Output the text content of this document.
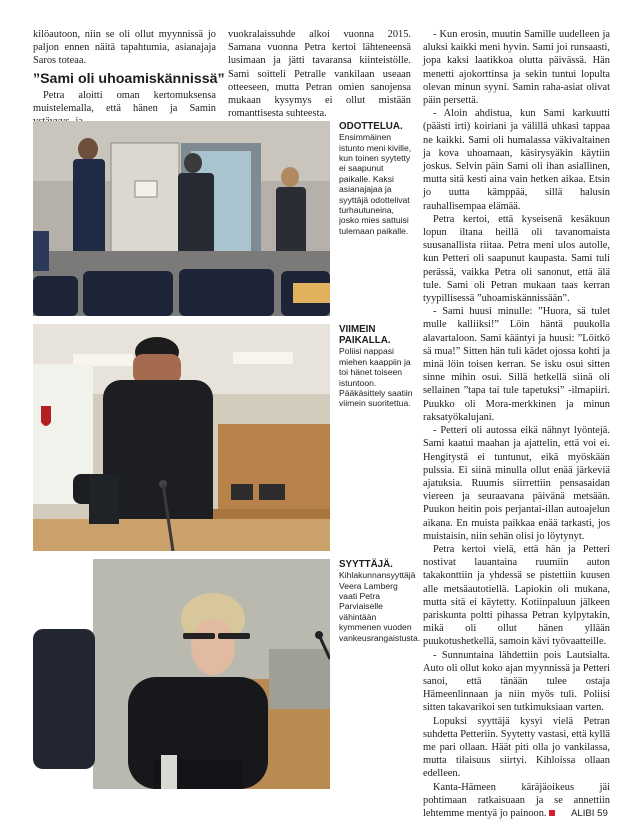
kilöautoon, niin se oli ollut myynnissä jo paljon ennen näitä tapahtumia, asianajaja Saros toteaa.

”Sami oli uhoamiskännissä”

Petra aloitti oman kertomuksensa muistelemalla, että hänen ja Samin

vuokralaissuhde alkoi vuonna 2015. Samana vuonna Petra kertoi lähteneensä lusimaan ja jätti tavaransa kiinteistölle. Sami soitteli Petralle vankilaan useaan otteeseen, mutta Petran omien sanojensa mukaan kysymys ei ollut mistään romanttisesta suhteesta.

ODOTTELUA.
Ensimmäinen istunto meni kiville, kun toinen syytetty ei saapunut paikalle. Kaksi asianajajaa ja syyttäjä odottelivat turhautuneina, josko mies sattuisi tulemaan paikalle.
VIIMEIN PAIKALLA.
Poliisi nappasi miehen kaappiin ja toi hänet toiseen istuntoon. Pääkäsittely saatiin viimein suoritettua.
SYYTTÄJÄ.
Kihlakunnansyyttäjä Veera Lamberg vaati Petra Parviaiselle vähintään kymmenen vuoden vankeusrangaistusta.

- Kun erosin, muutin Samille uudelleen ja aluksi kaikki meni hyvin. Sami joi runsaasti, jopa kaksi laatikkoa olutta päivässä. Hän menetti ajokorttinsa ja sekin tuntui lopulta olevan minun syyni. Samin raha-asiat olivat päin persettä.

- Aloin ahdistua, kun Sami karkuutti (päästi irti) koiriani ja välillä uhkasi tappaa ne kaikki. Sami oli humalassa väkivaltainen ja kova uhoamaan, käsirysyäkin käytiin joskus. Selvin päin Sami oli ihan asiallinen, mutta sitä kesti aina vain hetken aikaa. Etsin jo uutta kämppää, sillä halusin rauhallisempaa elämää.

Petra kertoi, että kyseisenä kesäkuun lopun iltana heillä oli tavanomaista suusanallista riitaa. Petra meni ulos autolle, kun Petteri oli saapunut kaupasta. Sami tuli perässä, vaikka Petra oli sanonut, että älä tule. Sami oli Petran mukaan taas kerran tyypillisessä ”uhoamiskännissään”.

- Sami huusi minulle: ”Huora, sä tulet mulle kalliiksi!” Löin häntä puukolla alavartaloon. Sami kääntyi ja huusi: ”Löitkö sä mua!” Sitten hän tuli kädet ojossa kohti ja minä löin toisen kerran. Se isku osui sitten sinne mihin osui. Sillä hetkellä siinä oli sellainen ”tapa tai tule tapetuksi” -ilmapiiri. Puukko oli Mora-merkkinen ja minun raksatyökalujani.

- Petteri oli autossa eikä nähnyt lyöntejä. Sami kaatui maahan ja ajattelin, että voi ei. Hengitystä ei tuntunut, eikä myöskään pulssia. Ei siinä minulla ollut enää järkeviä ajatuksia. Ruumis siirrettiin pensasaidan viereen ja seuraavana päivänä metsään. Puukon heitin pois perjantai-illan autoajelun aikana. En muista paikkaa enää tarkasti, jos muistaisin, niin sehän olisi jo löytynyt.

Petra kertoi vielä, että hän ja Petteri nostivat lauantaina ruumiin auton takakonttiin ja yhdessä se pistettiin kuusen alle metsäautotiellä. Lapiokin oli mukana, mutta sitä ei käytetty. Kotiinpaluun jälkeen pariskunta poltti pihassa Petran kylpytakin, mikä oli ollut hänen yllään puukotushetkellä, samoin kävi työvaatteille.

- Sunnuntaina lähdettiin pois Lautsialta. Auto oli ollut koko ajan myynnissä ja Petteri sanoi, että tänään tulee ostaja Hämeenlinnaan ja niin myös tuli. Poliisi sitten takavarikoi sen tutkimuksiaan varten.

Lopuksi syyttäjä kysyi vielä Petran suhdetta Petteriin. Syytetty vastasi, että kyllä me pari ollaan. Häät piti olla jo vankilassa, mutta tilaisuus siirtyi. Kihloissa ollaan edelleen.

Kanta-Hämeen käräjäoikeus jäi pohtimaan ratkaisuaan ja se annettiin lehtemme mentyä jo painoon.	ALIBI 59
